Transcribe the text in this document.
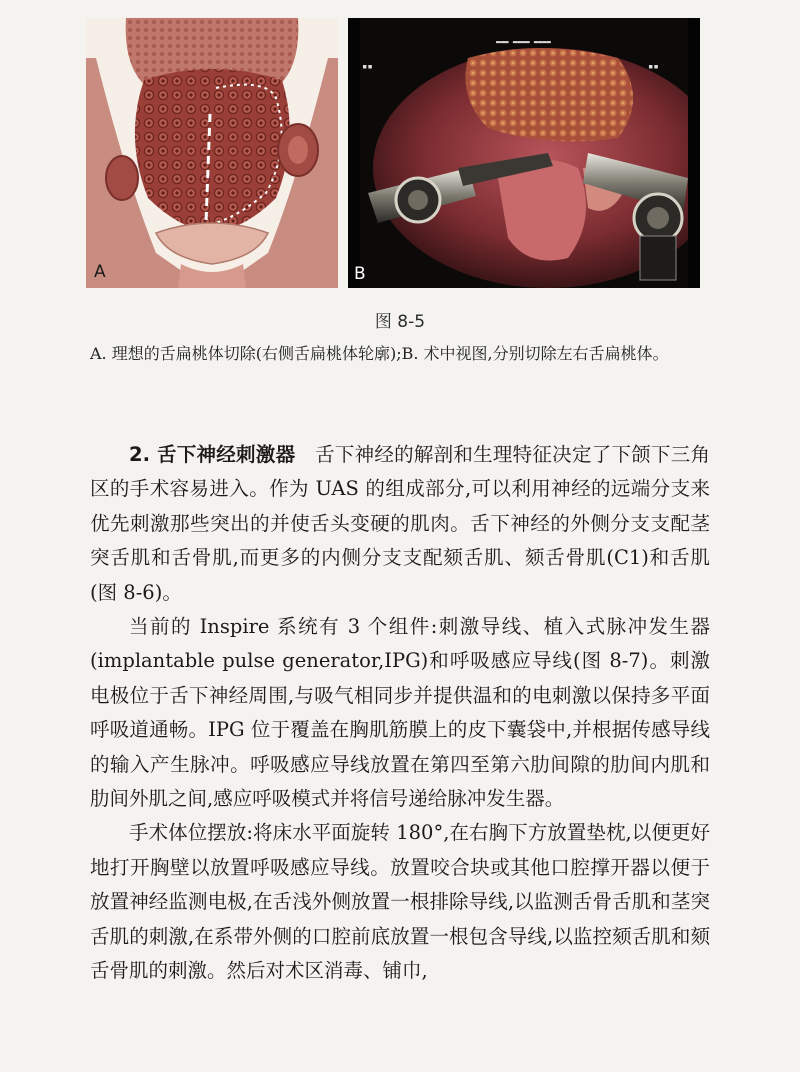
A
▬▬▬ ▬▬▬▬ ▬▬▬▬
▪▪	▪▪
B
图 8-5

A. 理想的舌扁桃体切除(右侧舌扁桃体轮廓);B. 术中视图,分别切除左右舌扁桃体。

2. 舌下神经刺激器  舌下神经的解剖和生理特征决定了下颌下三角区的手术容易进入。作为 UAS 的组成部分,可以利用神经的远端分支来优先刺激那些突出的并使舌头变硬的肌肉。舌下神经的外侧分支支配茎突舌肌和舌骨肌,而更多的内侧分支支配颏舌肌、颏舌骨肌(C1)和舌肌(图 8-6)。

当前的 Inspire 系统有 3 个组件:刺激导线、植入式脉冲发生器(implantable pulse generator,IPG)和呼吸感应导线(图 8-7)。刺激电极位于舌下神经周围,与吸气相同步并提供温和的电刺激以保持多平面呼吸道通畅。IPG 位于覆盖在胸肌筋膜上的皮下囊袋中,并根据传感导线的输入产生脉冲。呼吸感应导线放置在第四至第六肋间隙的肋间内肌和肋间外肌之间,感应呼吸模式并将信号递给脉冲发生器。

手术体位摆放:将床水平面旋转 180°,在右胸下方放置垫枕,以便更好地打开胸壁以放置呼吸感应导线。放置咬合块或其他口腔撑开器以便于放置神经监测电极,在舌浅外侧放置一根排除导线,以监测舌骨舌肌和茎突舌肌的刺激,在系带外侧的口腔前底放置一根包含导线,以监控颏舌肌和颏舌骨肌的刺激。然后对术区消毒、铺巾,
